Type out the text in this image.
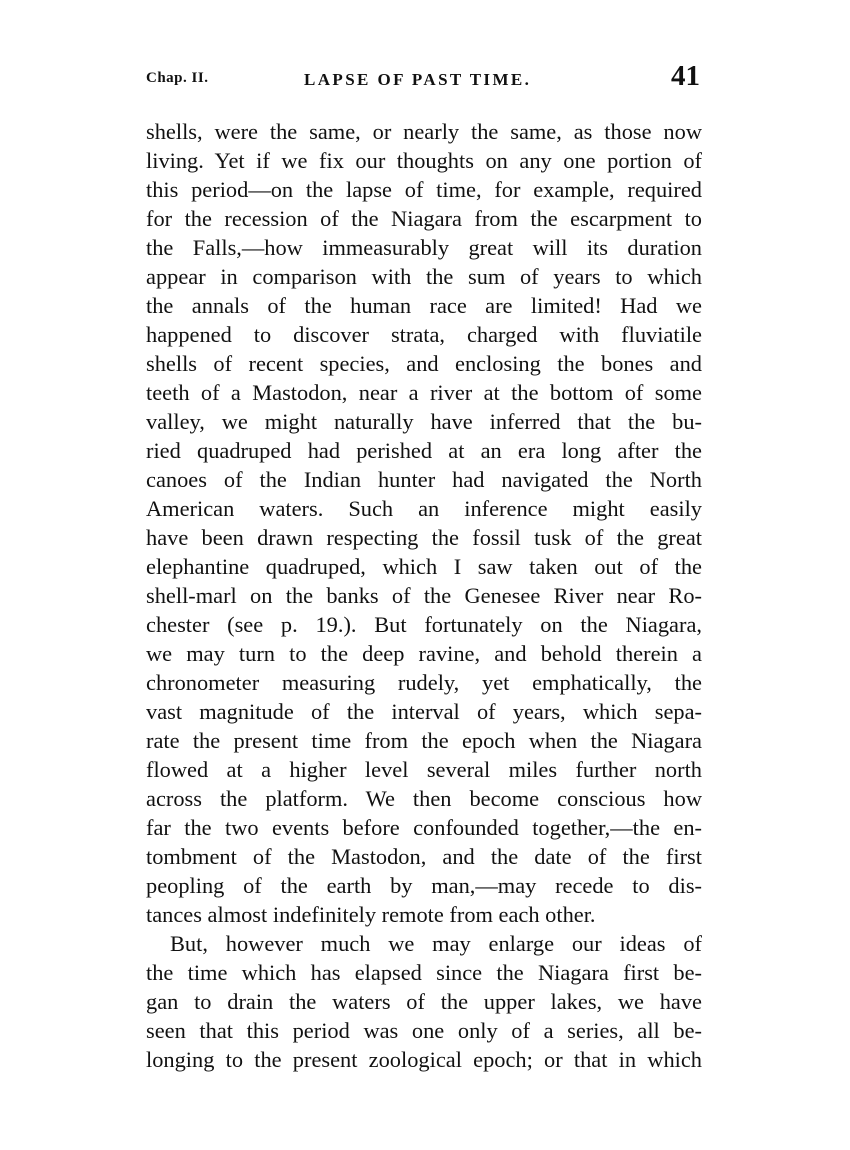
Chap. II.	LAPSE OF PAST TIME.	41
shells, were the same, or nearly the same, as those now
living. Yet if we fix our thoughts on any one portion of
this period—on the lapse of time, for example, required
for the recession of the Niagara from the escarpment to
the Falls,—how immeasurably great will its duration
appear in comparison with the sum of years to which
the annals of the human race are limited! Had we
happened to discover strata, charged with fluviatile
shells of recent species, and enclosing the bones and
teeth of a Mastodon, near a river at the bottom of some
valley, we might naturally have inferred that the bu-
ried quadruped had perished at an era long after the
canoes of the Indian hunter had navigated the North
American waters. Such an inference might easily
have been drawn respecting the fossil tusk of the great
elephantine quadruped, which I saw taken out of the
shell-marl on the banks of the Genesee River near Ro-
chester (see p. 19.). But fortunately on the Niagara,
we may turn to the deep ravine, and behold therein a
chronometer measuring rudely, yet emphatically, the
vast magnitude of the interval of years, which sepa-
rate the present time from the epoch when the Niagara
flowed at a higher level several miles further north
across the platform. We then become conscious how
far the two events before confounded together,—the en-
tombment of the Mastodon, and the date of the first
peopling of the earth by man,—may recede to dis-
tances almost indefinitely remote from each other.
But, however much we may enlarge our ideas of
the time which has elapsed since the Niagara first be-
gan to drain the waters of the upper lakes, we have
seen that this period was one only of a series, all be-
longing to the present zoological epoch; or that in which
